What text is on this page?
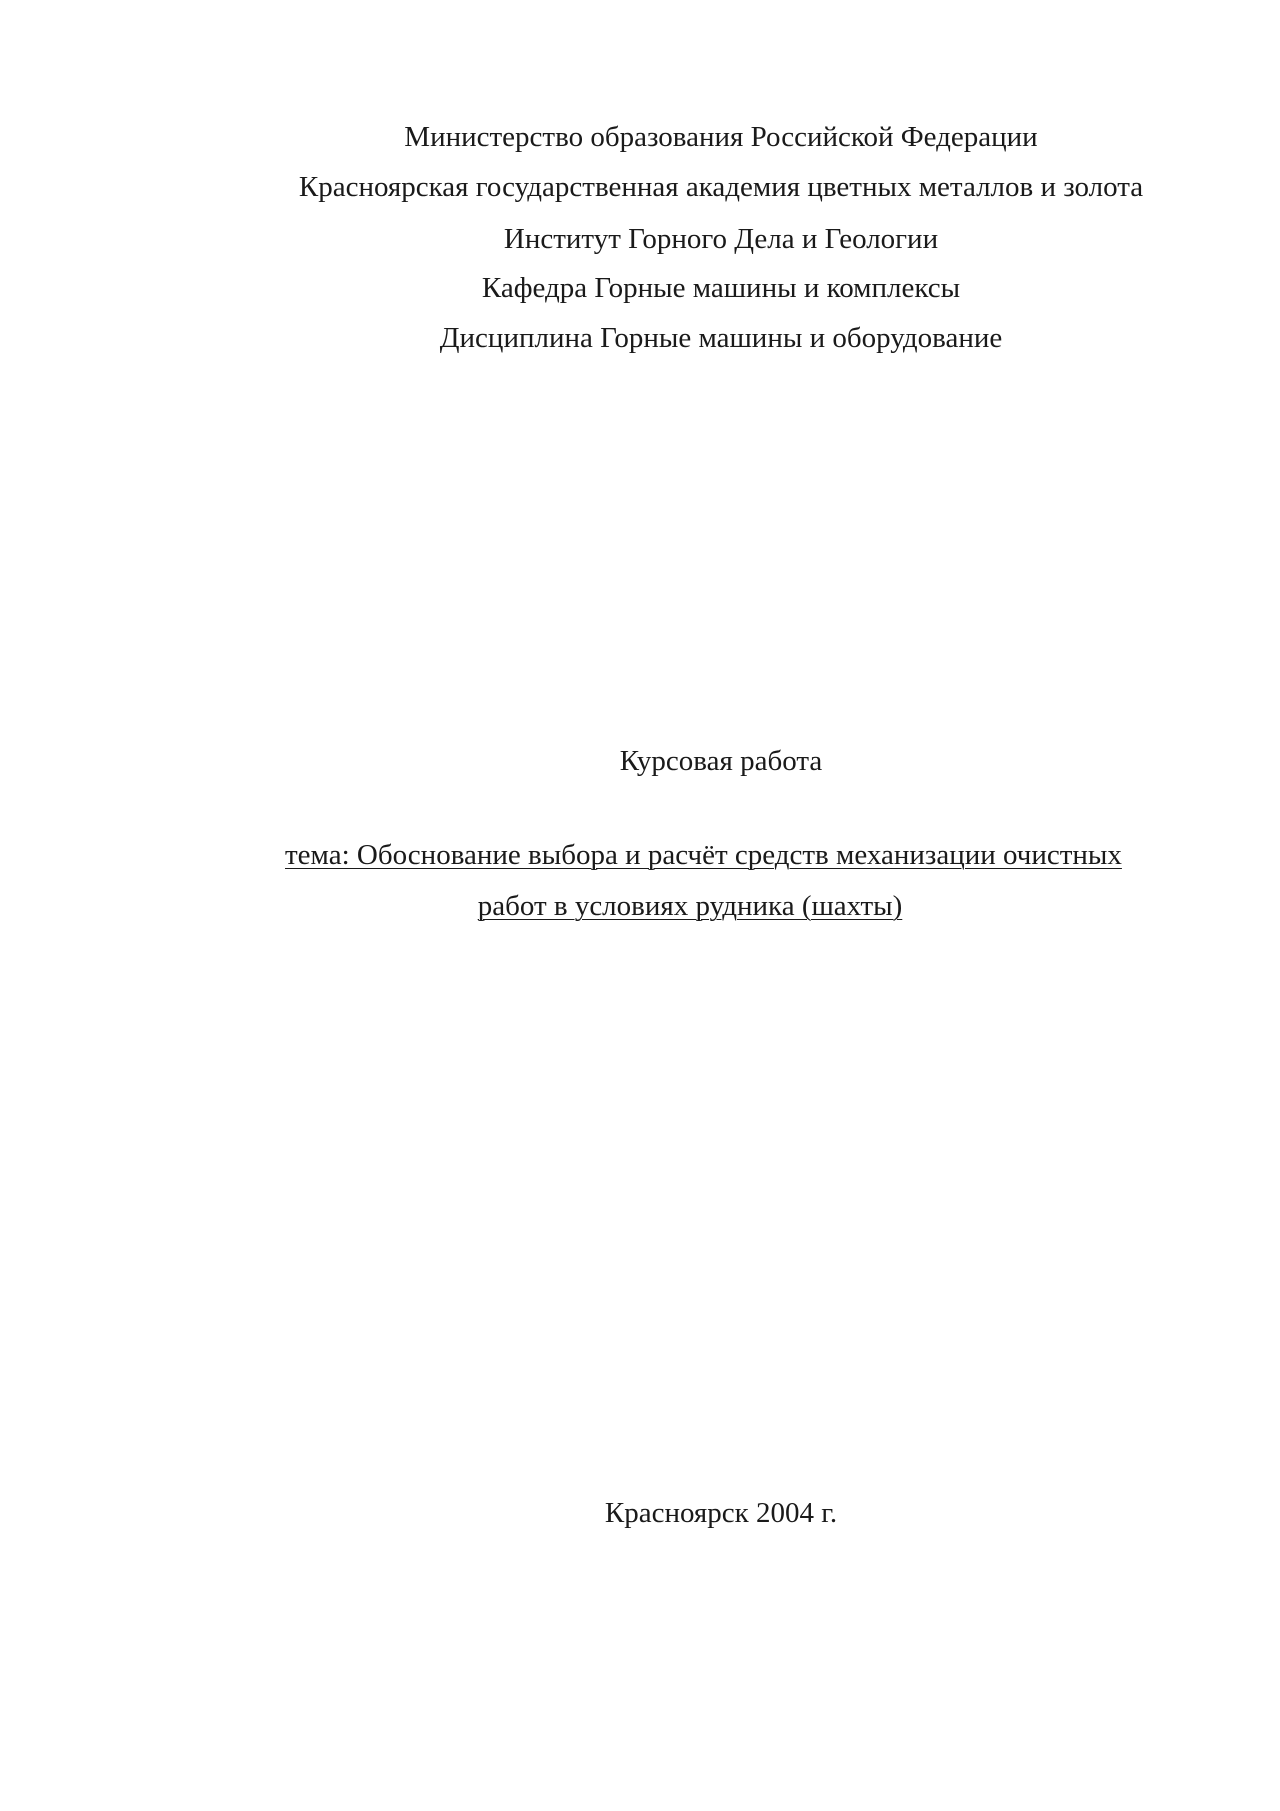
Министерство образования Российской Федерации
Красноярская государственная академия цветных металлов и золота
Институт Горного Дела и Геологии
Кафедра Горные машины и комплексы
Дисциплина Горные машины и оборудование
Курсовая работа
тема: Обоснование выбора и расчёт средств механизации очистных
работ в условиях рудника (шахты)
Красноярск 2004 г.
